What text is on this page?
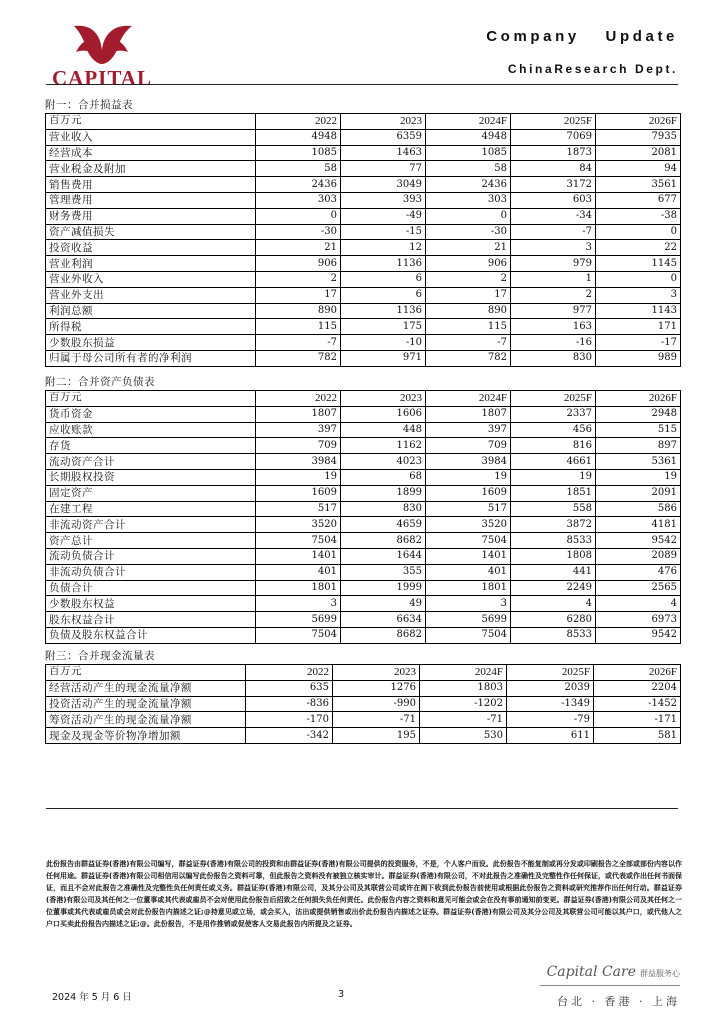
CAPITAL
Company Update
ChinaResearch Dept.
附一：合并损益表
百万元	2022	2023	2024F	2025F	2026F
营业收入	4948	6359	4948	7069	7935
经营成本	1085	1463	1085	1873	2081
营业税金及附加	58	77	58	84	94
销售费用	2436	3049	2436	3172	3561
管理费用	303	393	303	603	677
财务费用	0	-49	0	-34	-38
资产减值损失	-30	-15	-30	-7	0
投资收益	21	12	21	3	22
营业利润	906	1136	906	979	1145
营业外收入	2	6	2	1	0
营业外支出	17	6	17	2	3
利润总额	890	1136	890	977	1143
所得税	115	175	115	163	171
少数股东损益	-7	-10	-7	-16	-17
归属于母公司所有者的净利润	782	971	782	830	989
附二：合并资产负债表
百万元	2022	2023	2024F	2025F	2026F
货币资金	1807	1606	1807	2337	2948
应收账款	397	448	397	456	515
存货	709	1162	709	816	897
流动资产合计	3984	4023	3984	4661	5361
长期股权投资	19	68	19	19	19
固定资产	1609	1899	1609	1851	2091
在建工程	517	830	517	558	586
非流动资产合计	3520	4659	3520	3872	4181
资产总计	7504	8682	7504	8533	9542
流动负债合计	1401	1644	1401	1808	2089
非流动负债合计	401	355	401	441	476
负债合计	1801	1999	1801	2249	2565
少数股东权益	3	49	3	4	4
股东权益合计	5699	6634	5699	6280	6973
负债及股东权益合计	7504	8682	7504	8533	9542
附三：合并现金流量表
百万元	2022	2023	2024F	2025F	2026F
经营活动产生的现金流量净额	635	1276	1803	2039	2204
投资活动产生的现金流量净额	-836	-990	-1202	-1349	-1452
筹资活动产生的现金流量净额	-170	-71	-71	-79	-171
现金及现金等价物净增加额	-342	195	530	611	581
此份报告由群益证券(香港)有限公司编写，群益证券(香港)有限公司的投资和由群益证券(香港)有限公司提供的投资服务，不是，个人客户而设。此份报告不能复制或再分发或印刷报告之全部或部份内容以作任何用途。群益证券(香港)有限公司相信用以编写此份报告之资料可靠，但此报告之资料没有被独立核实审计。群益证券(香港)有限公司，不对此报告之准确性及完整性作任何保证，或代表或作出任何书面保证，而且不会对此报告之准确性及完整性负任何责任或义务。群益证券(香港)有限公司，及其分公司及其联营公司或许在阁下收到此份报告前使用或根据此份报告之资料或研究推荐作出任何行动。群益证券(香港)有限公司及其任何之一位董事或其代表或雇员不会对使用此份报告后招致之任何损失负任何责任。此份报告内容之资料和意见可能会或会在没有事前通知前变更。群益证券(香港)有限公司及其任何之一位董事或其代表或雇员或会对此份报告内描述之证;@持意见或立场，或会买入，沽出或提供销售或出价此份报告内描述之证券。群益证券(香港)有限公司及其分公司及其联营公司可能以其户口，或代他人之户口买卖此份报告内描述之证;@。此份报告，不是用作推销或促使客人交易此报告内所提及之证券。
Capital Care 群益服务心
2024 年 5 月 6 日	3
台北 · 香港 · 上海
